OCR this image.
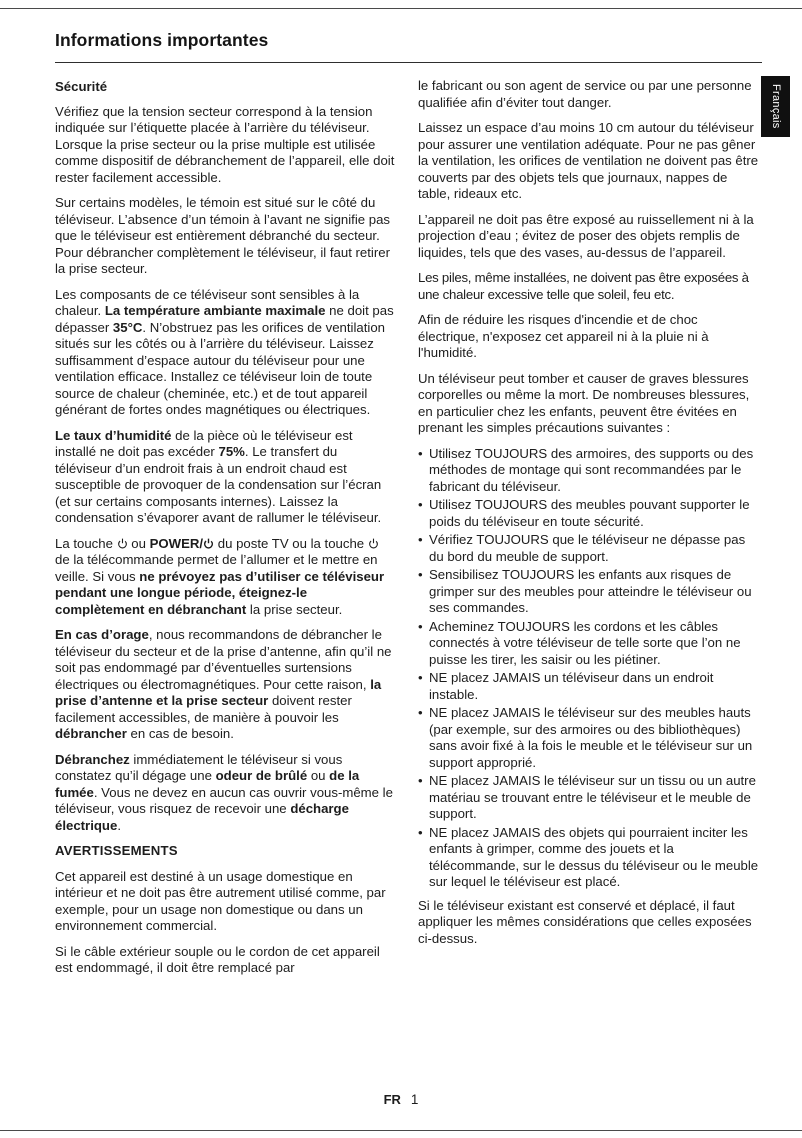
Informations importantes
Français
Sécurité

Vérifiez que la tension secteur correspond à la tension indiquée sur l’étiquette placée à l’arrière du téléviseur. Lorsque la prise secteur ou la prise multiple est utilisée comme dispositif de débranchement de l’appareil, elle doit rester facilement accessible.

Sur certains modèles, le témoin est situé sur le côté du téléviseur. L’absence d’un témoin à l’avant ne signifie pas que le téléviseur est entièrement débranché du secteur. Pour débrancher complètement le téléviseur, il faut retirer la prise secteur.

Les composants de ce téléviseur sont sensibles à la chaleur. La température ambiante maximale ne doit pas dépasser 35°C. N’obstruez pas les orifices de ventilation situés sur les côtés ou à l’arrière du téléviseur. Laissez suffisamment d’espace autour du téléviseur pour une ventilation efficace. Installez ce téléviseur loin de toute source de chaleur (cheminée, etc.) et de tout appareil générant de fortes ondes magnétiques ou électriques.

Le taux d’humidité de la pièce où le téléviseur est installé ne doit pas excéder 75%. Le transfert du téléviseur d’un endroit frais à un endroit chaud est susceptible de provoquer de la condensation sur l’écran (et sur certains composants internes). Laissez la condensation s’évaporer avant de rallumer le téléviseur.

La touche  ou POWER/ du poste TV ou la touche  de la télécommande permet de l’allumer et le mettre en veille. Si vous ne prévoyez pas d’utiliser ce téléviseur pendant une longue période, éteignez-le complètement en débranchant la prise secteur.

En cas d’orage, nous recommandons de débrancher le téléviseur du secteur et de la prise d’antenne, afin qu’il ne soit pas endommagé par d’éventuelles surtensions électriques ou électromagnétiques. Pour cette raison, la prise d’antenne et la prise secteur doivent rester facilement accessibles, de manière à pouvoir les débrancher en cas de besoin.

Débranchez immédiatement le téléviseur si vous constatez qu’il dégage une odeur de brûlé ou de la fumée. Vous ne devez en aucun cas ouvrir vous-même le téléviseur, vous risquez de recevoir une décharge électrique.

AVERTISSEMENTS

Cet appareil est destiné à un usage domestique en intérieur et ne doit pas être autrement utilisé comme, par exemple, pour un usage non domestique ou dans un environnement commercial.

Si le câble extérieur souple ou le cordon de cet appareil est endommagé, il doit être remplacé par

le fabricant ou son agent de service ou par une personne qualifiée afin d’éviter tout danger.

Laissez un espace d’au moins 10 cm autour du téléviseur pour assurer une ventilation adéquate. Pour ne pas gêner la ventilation, les orifices de ventilation ne doivent pas être couverts par des objets tels que journaux, nappes de table, rideaux etc.

L’appareil ne doit pas être exposé au ruissellement ni à la projection d’eau ; évitez de poser des objets remplis de liquides, tels que des vases, au-dessus de l’appareil.

Les piles, même installées, ne doivent pas être exposées à une chaleur excessive telle que soleil, feu etc.

Afin de réduire les risques d'incendie et de choc électrique, n'exposez cet appareil ni à la pluie ni à l'humidité.

Un téléviseur peut tomber et causer de graves blessures corporelles ou même la mort. De nombreuses blessures, en particulier chez les enfants, peuvent être évitées en prenant les simples précautions suivantes :

• Utilisez TOUJOURS des armoires, des supports ou des méthodes de montage qui sont recommandées par le fabricant du téléviseur.
• Utilisez TOUJOURS des meubles pouvant supporter le poids du téléviseur en toute sécurité.
• Vérifiez TOUJOURS que le téléviseur ne dépasse pas du bord du meuble de support.
• Sensibilisez TOUJOURS les enfants aux risques de grimper sur des meubles pour atteindre le téléviseur ou ses commandes.
• Acheminez TOUJOURS les cordons et les câbles connectés à votre téléviseur de telle sorte que l’on ne puisse les tirer, les saisir ou les piétiner.
• NE placez JAMAIS un téléviseur dans un endroit instable.
• NE placez JAMAIS le téléviseur sur des meubles hauts (par exemple, sur des armoires ou des bibliothèques) sans avoir fixé à la fois le meuble et le téléviseur sur un support approprié.
• NE placez JAMAIS le téléviseur sur un tissu ou un autre matériau se trouvant entre le téléviseur et le meuble de support.
• NE placez JAMAIS des objets qui pourraient inciter les enfants à grimper, comme des jouets et la télécommande, sur le dessus du téléviseur ou le meuble sur lequel le téléviseur est placé.

Si le téléviseur existant est conservé et déplacé, il faut appliquer les mêmes considérations que celles exposées ci-dessus.

FR 1
